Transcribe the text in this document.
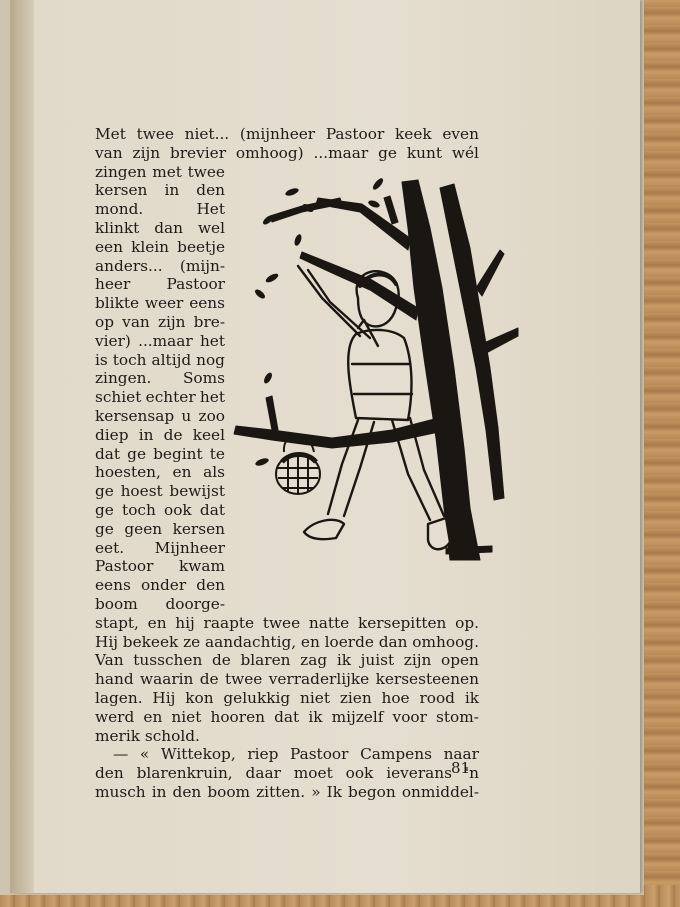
Met twee niet... (mijnheer Pastoor keek even
van zijn brevier omhoog) ...maar ge kunt wél
zingen met twee
kersen in den
mond.	Het
klinkt dan wel
een klein beetje
anders... (mijn-
heer Pastoor
blikte weer eens
op van zijn bre-
vier) ...maar het
is toch altijd nog
zingen. Soms
schiet echter het
kersensap u zoo
diep in de keel
dat ge begint te
hoesten, en als
ge hoest bewijst
ge toch ook dat
ge geen kersen
eet. Mijnheer
Pastoor kwam
eens onder den
boom doorge-
stapt, en hij raapte twee natte kersepitten op.
Hij bekeek ze aandachtig, en loerde dan omhoog.
Van tusschen de blaren zag ik juist zijn open
hand waarin de twee verraderlijke kersesteenen
lagen. Hij kon gelukkig niet zien hoe rood ik
werd en niet hooren dat ik mijzelf voor stom-
merik schold.
— « Wittekop, riep Pastoor Campens naar
den blarenkruin, daar moet ook ieverans 'n
musch in den boom zitten. » Ik begon onmiddel-
81
